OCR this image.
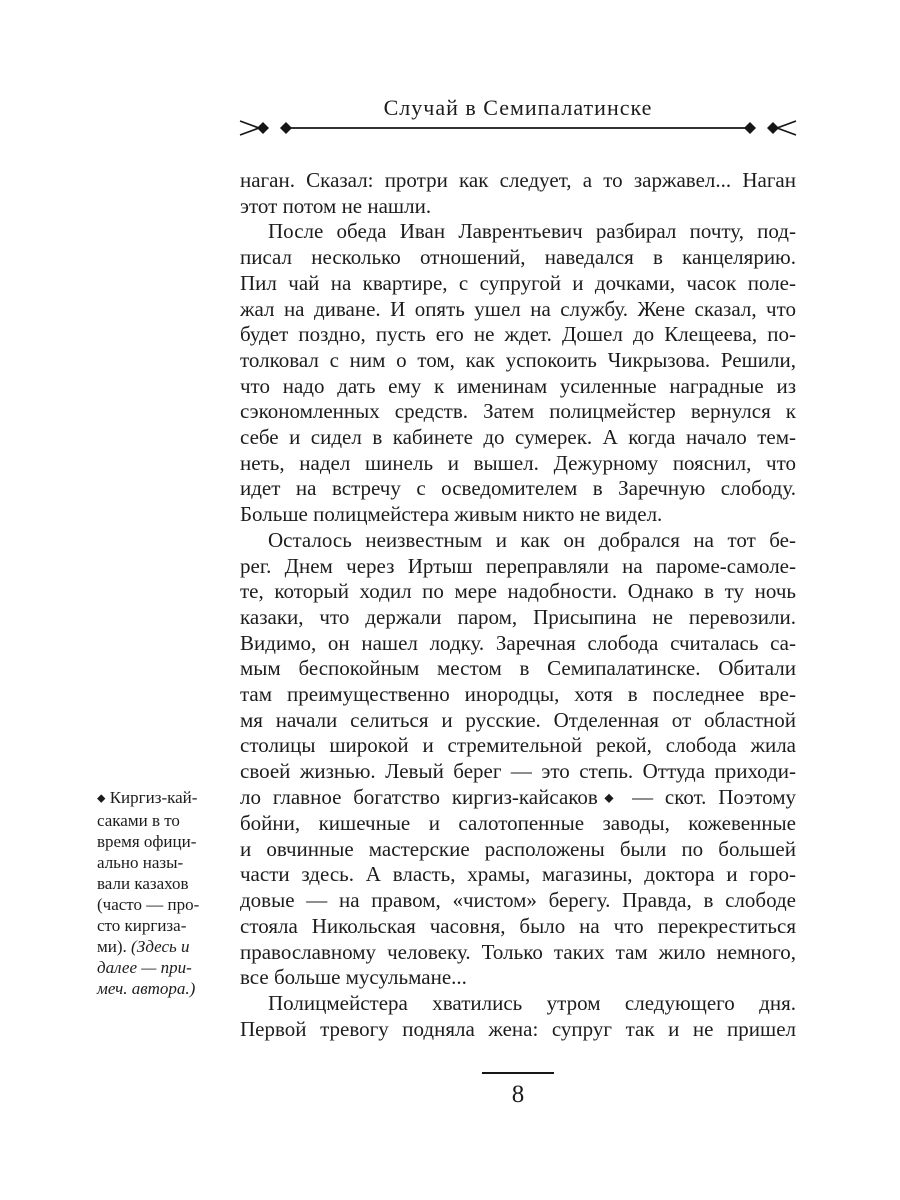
Случай в Семипалатинске
наган. Сказал: протри как следует, а то заржавел... Наган
этот потом не нашли.
После обеда Иван Лаврентьевич разбирал почту, под-
писал несколько отношений, наведался в канцелярию.
Пил чай на квартире, с супругой и дочками, часок поле-
жал на диване. И опять ушел на службу. Жене сказал, что
будет поздно, пусть его не ждет. Дошел до Клещеева, по-
толковал с ним о том, как успокоить Чикрызова. Решили,
что надо дать ему к именинам усиленные наградные из
сэкономленных средств. Затем полицмейстер вернулся к
себе и сидел в кабинете до сумерек. А когда начало тем-
неть, надел шинель и вышел. Дежурному пояснил, что
идет на встречу с осведомителем в Заречную слободу.
Больше полицмейстера живым никто не видел.
Осталось неизвестным и как он добрался на тот бе-
рег. Днем через Иртыш переправляли на пароме-самоле-
те, который ходил по мере надобности. Однако в ту ночь
казаки, что держали паром, Присыпина не перевозили.
Видимо, он нашел лодку. Заречная слобода считалась са-
мым беспокойным местом в Семипалатинске. Обитали
там преимущественно инородцы, хотя в последнее вре-
мя начали селиться и русские. Отделенная от областной
столицы широкой и стремительной рекой, слобода жила
своей жизнью. Левый берег — это степь. Оттуда приходи-
ло главное богатство киргиз-кайсаков◆ — скот. Поэтому
бойни, кишечные и салотопенные заводы, кожевенные
и овчинные мастерские расположены были по большей
части здесь. А власть, храмы, магазины, доктора и горо-
довые — на правом, «чистом» берегу. Правда, в слободе
стояла Никольская часовня, было на что перекреститься
православному человеку. Только таких там жило немного,
все больше мусульмане...
Полицмейстера хватились утром следующего дня.
Первой тревогу подняла жена: супруг так и не пришел
◆ Киргиз-кай-
саками в то
время офици-
ально назы-
вали казахов
(часто — про-
сто киргиза-
ми). (Здесь и
далее — при-
меч. автора.)
8
